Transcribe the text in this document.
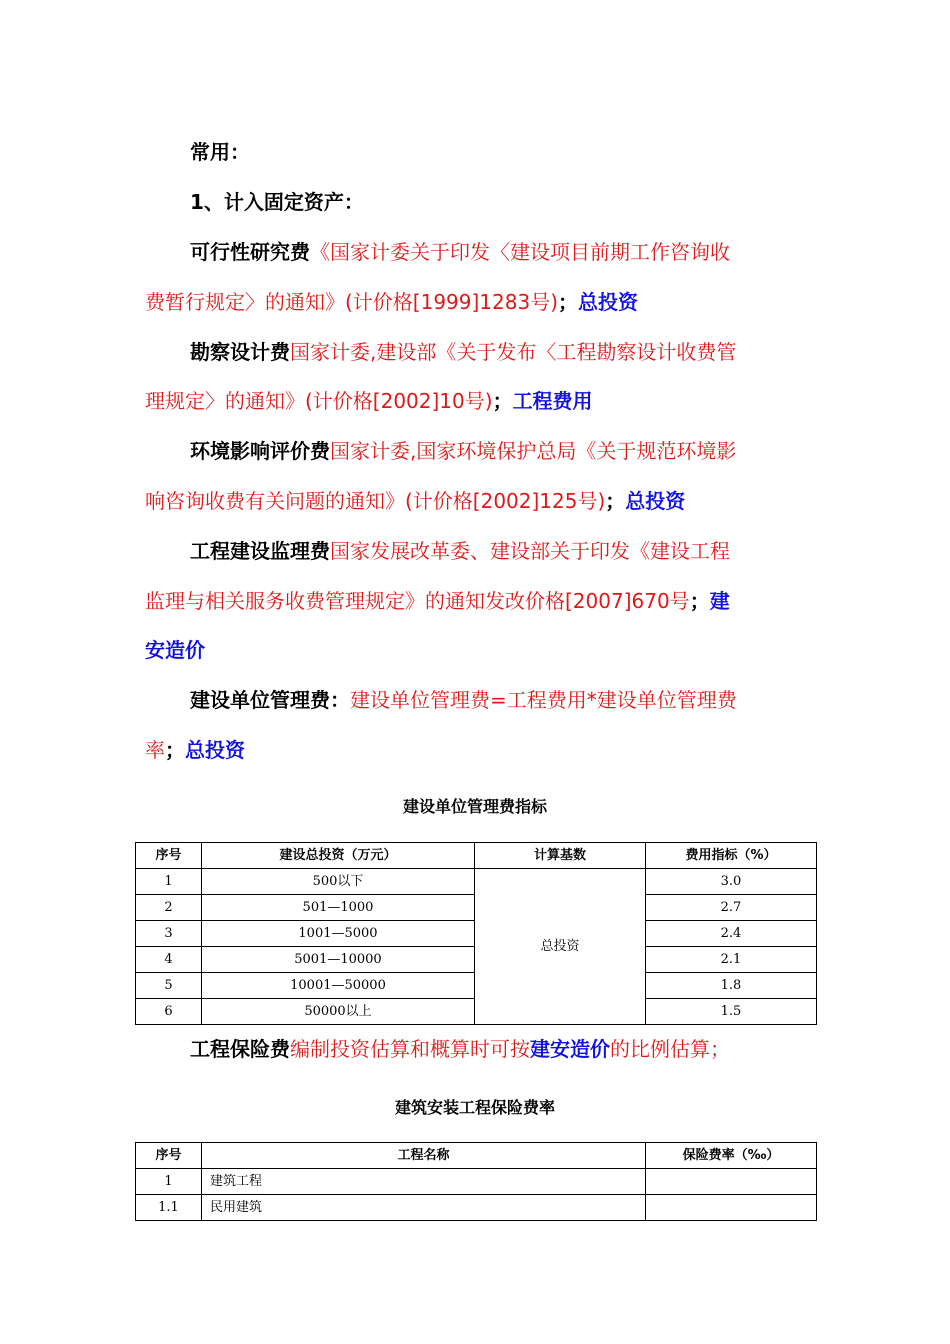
常用：
1、计入固定资产：
可行性研究费《国家计委关于印发〈建设项目前期工作咨询收
费暂行规定〉的通知》(计价格[1999]1283号)；总投资
勘察设计费国家计委,建设部《关于发布〈工程勘察设计收费管
理规定〉的通知》(计价格[2002]10号)；工程费用
环境影响评价费国家计委,国家环境保护总局《关于规范环境影
响咨询收费有关问题的通知》(计价格[2002]125号)；总投资
工程建设监理费国家发展改革委、建设部关于印发《建设工程
监理与相关服务收费管理规定》的通知发改价格[2007]670号；建
安造价
建设单位管理费：建设单位管理费=工程费用*建设单位管理费
率；总投资
建设单位管理费指标
序号	建设总投资（万元）	计算基数	费用指标（%）
1	500以下	总投资	3.0
2	501—1000		2.7
3	1001—5000		2.4
4	5001—10000		2.1
5	10001—50000		1.8
6	50000以上		1.5
工程保险费编制投资估算和概算时可按建安造价的比例估算；
建筑安装工程保险费率
序号	工程名称	保险费率（‰）
1	建筑工程	
1.1	民用建筑	
